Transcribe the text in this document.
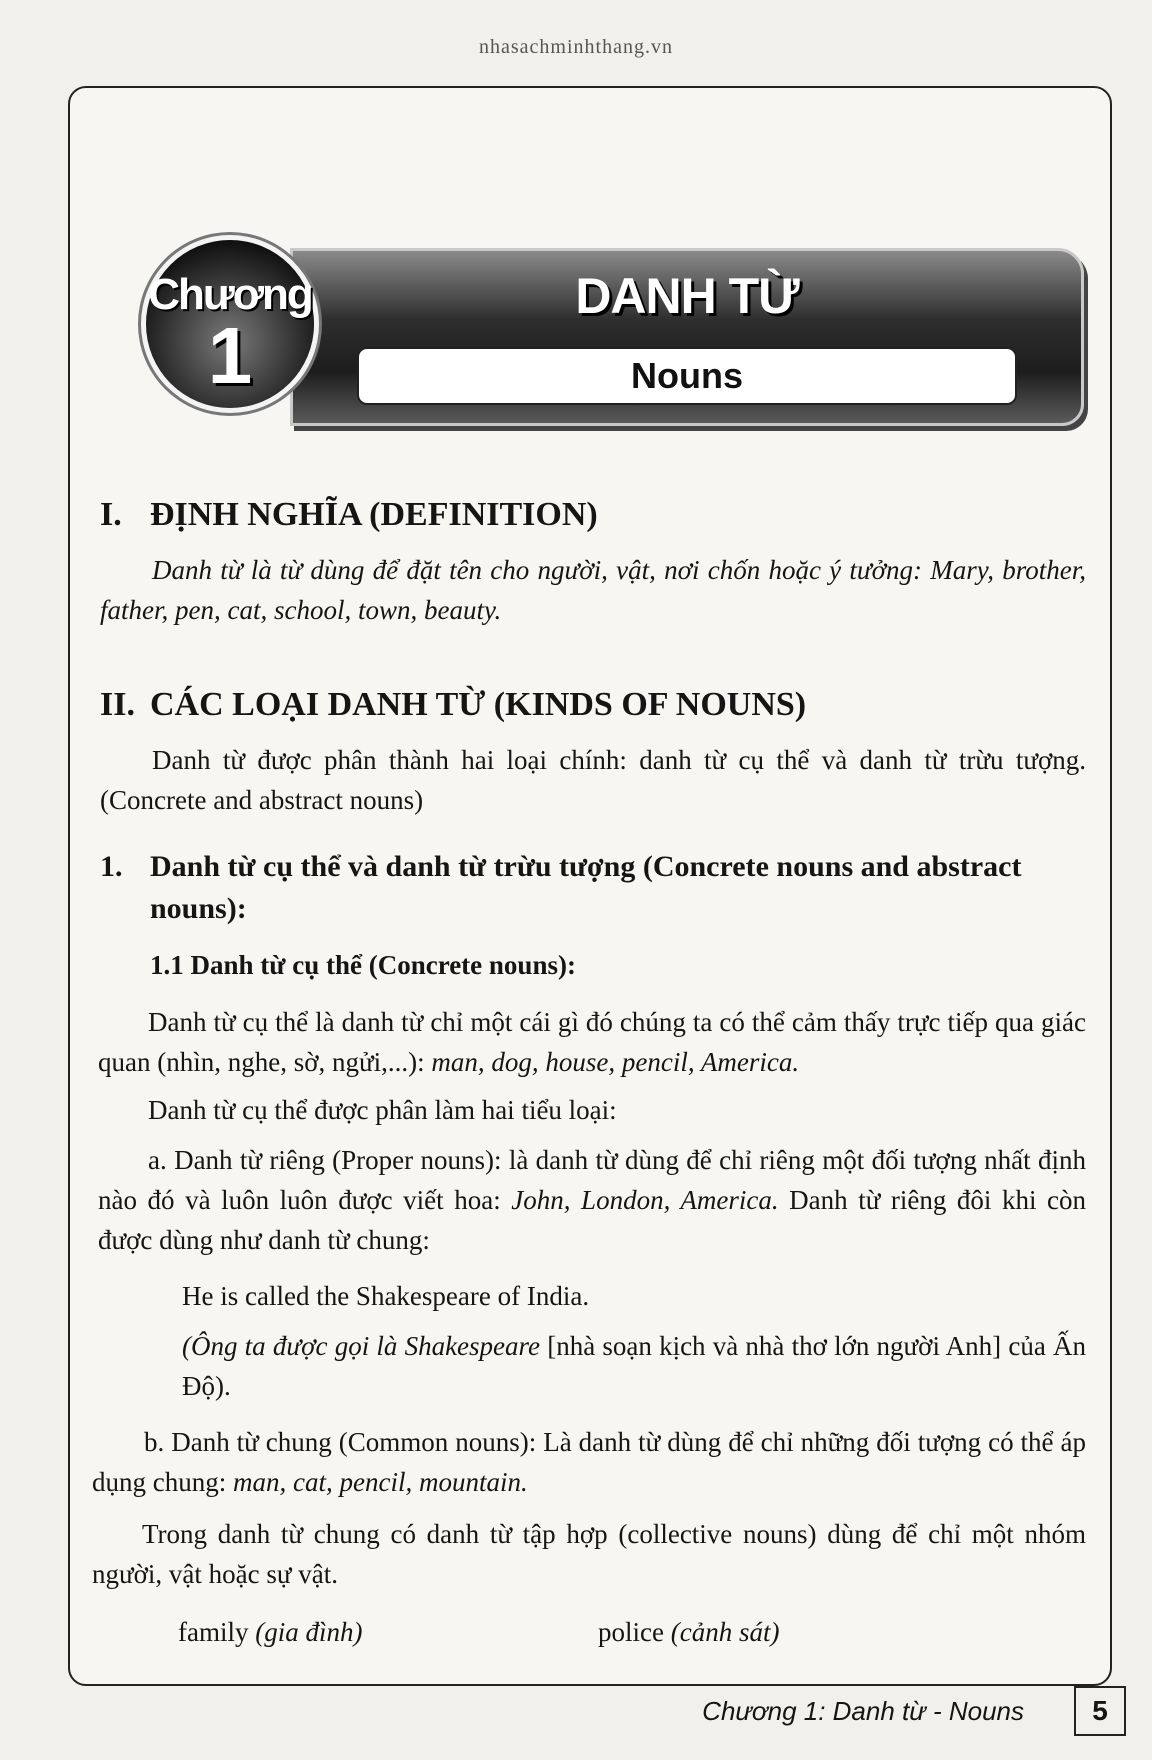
nhasachminhthang.vn
DANH TỪ
Nouns
Chương
1
I. ĐỊNH NGHĨA (DEFINITION)

Danh từ là từ dùng để đặt tên cho người, vật, nơi chốn hoặc ý tưởng: Mary, brother, father, pen, cat, school, town, beauty.

II. CÁC LOẠI DANH TỪ (KINDS OF NOUNS)

Danh từ được phân thành hai loại chính: danh từ cụ thể và danh từ trừu tượng. (Concrete and abstract nouns)

1. Danh từ cụ thể và danh từ trừu tượng (Concrete nouns and abstract nouns):
1.1 Danh từ cụ thể (Concrete nouns):

Danh từ cụ thể là danh từ chỉ một cái gì đó chúng ta có thể cảm thấy trực tiếp qua giác quan (nhìn, nghe, sờ, ngửi,...): man, dog, house, pencil, America.

Danh từ cụ thể được phân làm hai tiểu loại:

a. Danh từ riêng (Proper nouns): là danh từ dùng để chỉ riêng một đối tượng nhất định nào đó và luôn luôn được viết hoa: John, London, America. Danh từ riêng đôi khi còn được dùng như danh từ chung:

He is called the Shakespeare of India.

(Ông ta được gọi là Shakespeare [nhà soạn kịch và nhà thơ lớn người Anh] của Ấn Độ).

b. Danh từ chung (Common nouns): Là danh từ dùng để chỉ những đối tượng có thể áp dụng chung: man, cat, pencil, mountain.

Trong danh từ chung có danh từ tập hợp (collective nouns) dùng để chỉ một nhóm người, vật hoặc sự vật.

family (gia đình)	police (cảnh sát)
Chương 1: Danh từ - Nouns	5
